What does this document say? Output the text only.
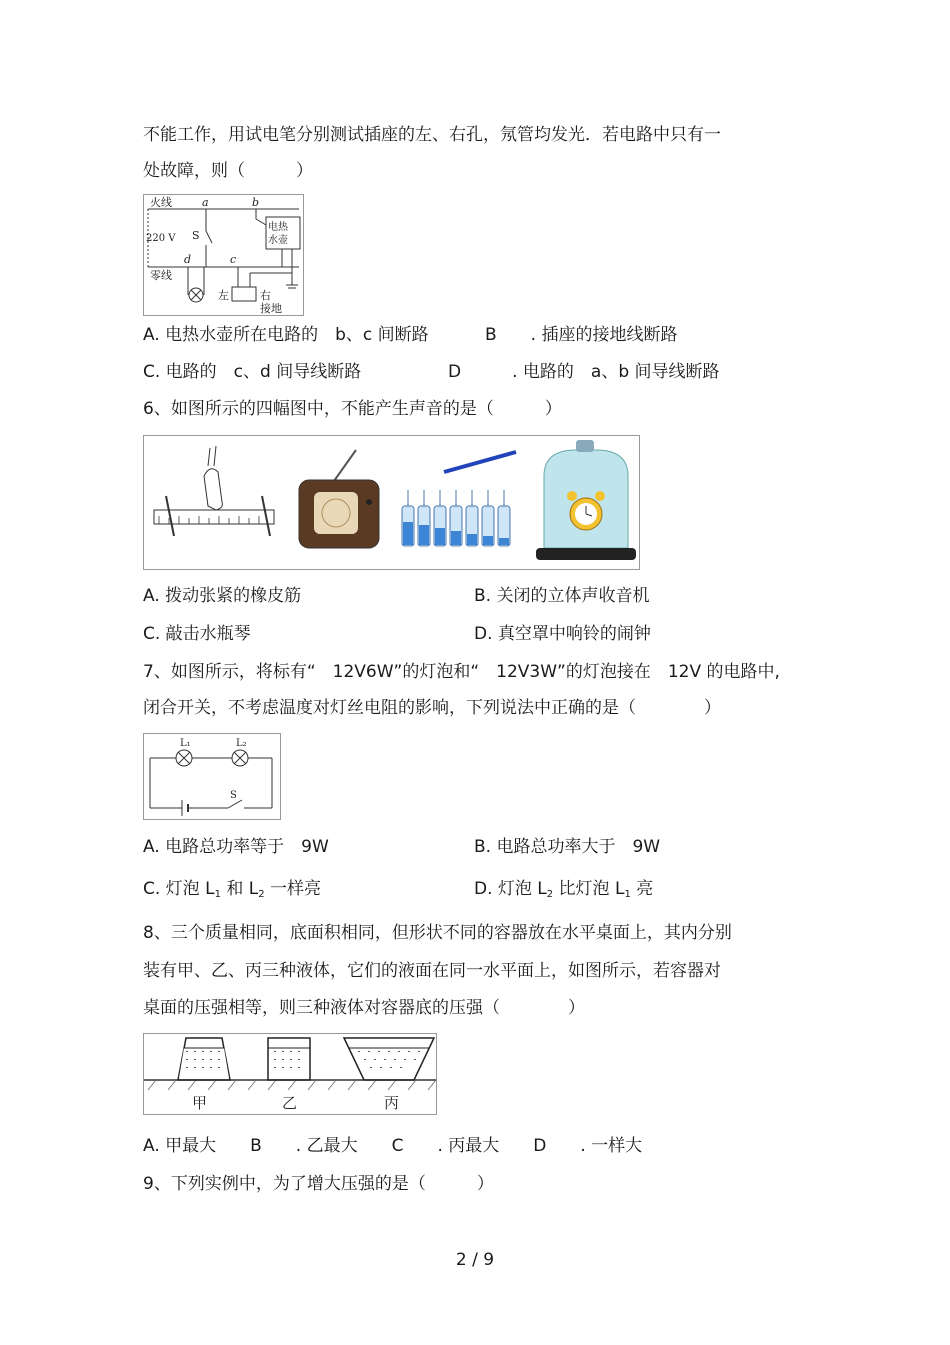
不能工作，用试电笔分别测试插座的左、右孔，氖管均发光．若电路中只有一
处故障，则（　　　）
火线	a	b
220 V S
电热
水壶
d	c
零线
左	右
接地
A. 电热水壶所在电路的　b、c 间断路	B　　. 插座的接地线断路
C. 电路的　c、d 间导线断路	D　　　. 电路的　a、b 间导线断路
6、如图所示的四幅图中，不能产生声音的是（　　　）
A. 拨动张紧的橡皮筋	B. 关闭的立体声收音机
C. 敲击水瓶琴	D. 真空罩中响铃的闹钟
7、如图所示，将标有“　12V6W”的灯泡和“　12V3W”的灯泡接在　12V 的电路中,
闭合开关，不考虑温度对灯丝电阻的影响，下列说法中正确的是（　　　　）
L₁	L₂
S
A. 电路总功率等于　9W	B. 电路总功率大于　9W
C. 灯泡 $L_1$ 和 $L_2$ 一样亮	D. 灯泡 $L_2$ 比灯泡 $L_1$ 亮
8、三个质量相同，底面积相同，但形状不同的容器放在水平桌面上，其内分别
装有甲、乙、丙三种液体，它们的液面在同一水平面上，如图所示，若容器对
桌面的压强相等，则三种液体对容器底的压强（　　　　）
甲	乙	丙
A. 甲最大　　B　　. 乙最大　　C　　. 丙最大　　D　　. 一样大
9、下列实例中，为了增大压强的是（　　　）
2 / 9
